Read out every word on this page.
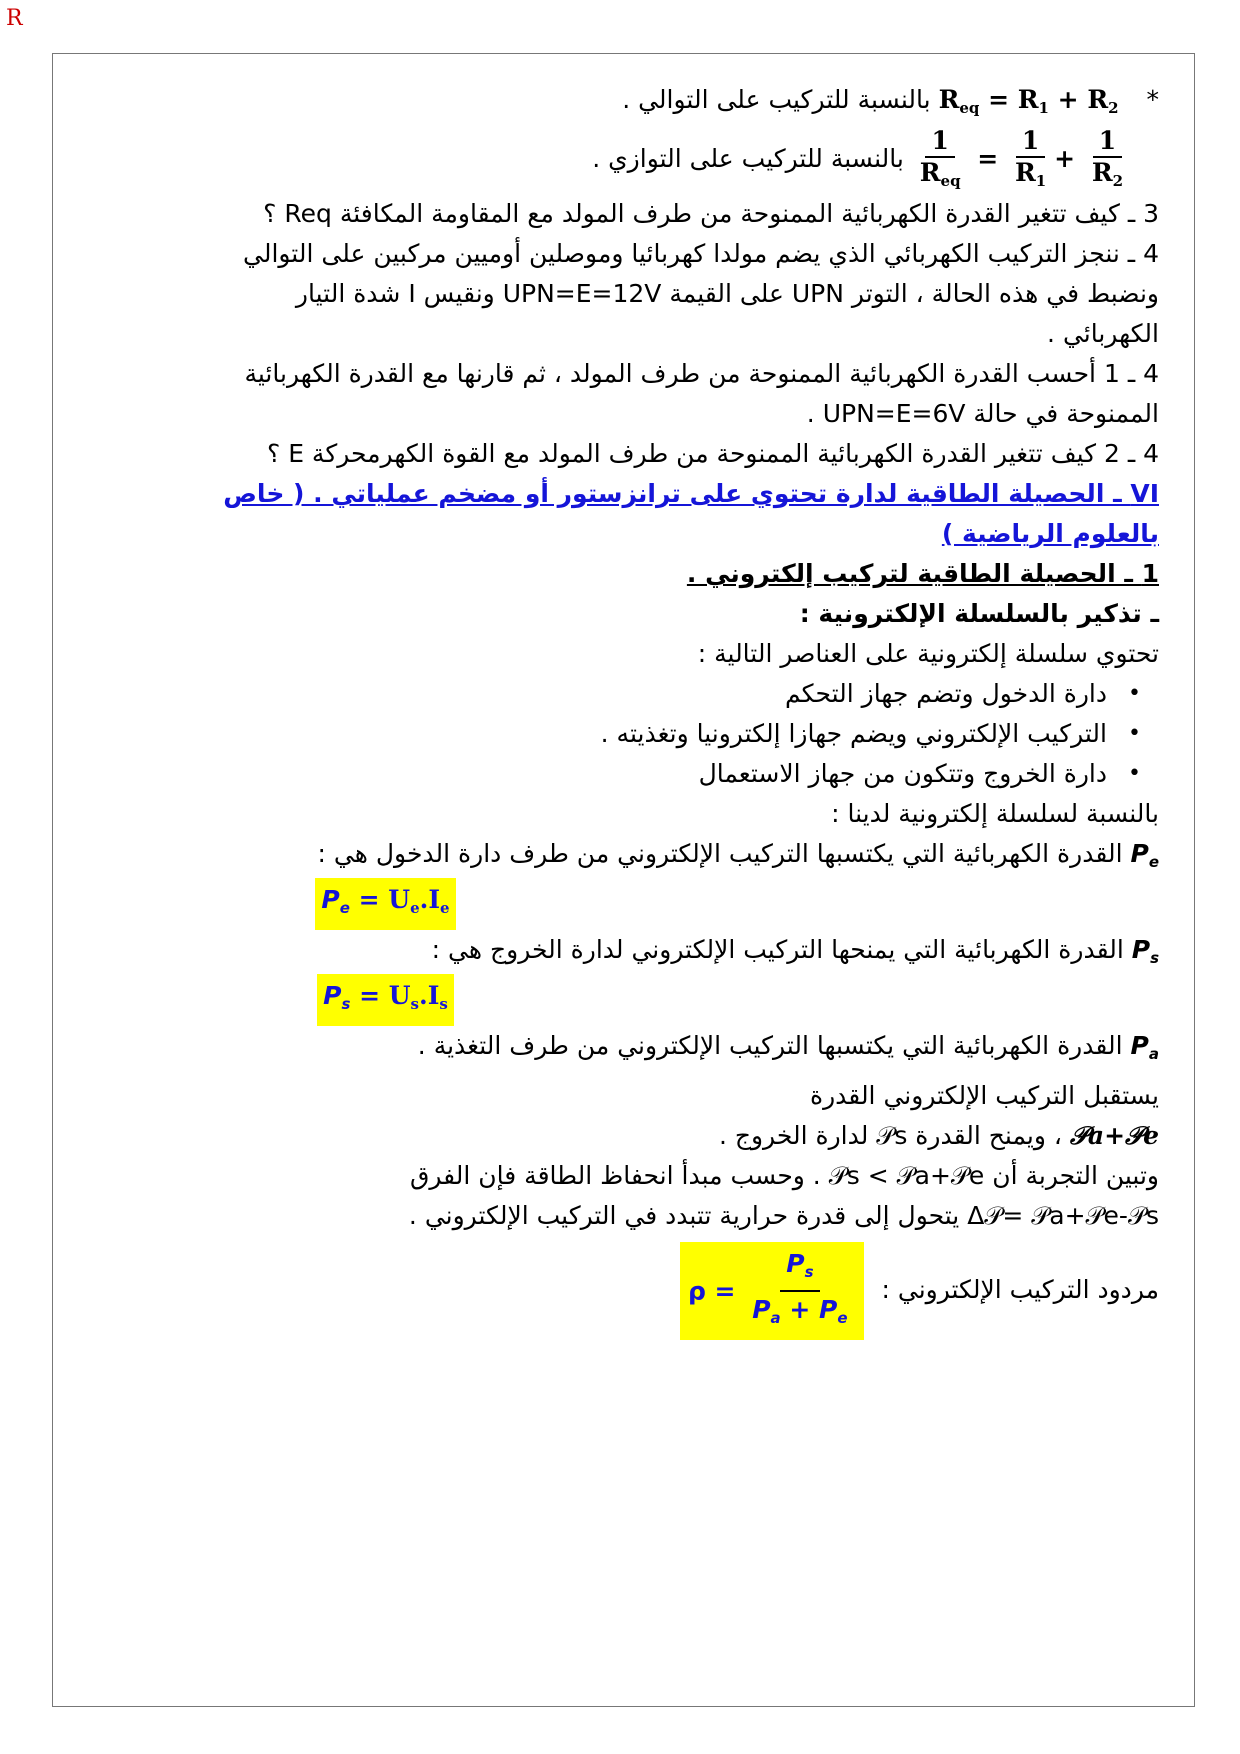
R
* $R_{eq} = R_1 + R_2$ بالنسبة للتركيب على التوالي .

$\frac{1}{R_{eq}} = \frac{1}{R_1} + \frac{1}{R_2}$
بالنسبة للتركيب على التوازي .
3 ـ كيف تتغير القدرة الكهربائية الممنوحة من طرف المولد مع المقاومة المكافئة Req ؟
4 ـ ننجز التركيب الكهربائي الذي يضم مولدا كهربائيا وموصلين أوميين مركبين على التوالي
ونضبط في هذه الحالة ، التوتر UPN على القيمة UPN=E=12V ونقيس I شدة التيار
الكهربائي .
4 ـ 1 أحسب القدرة الكهربائية الممنوحة من طرف المولد ، ثم قارنها مع القدرة الكهربائية
الممنوحة في حالة UPN=E=6V .
4 ـ 2 كيف تتغير القدرة الكهربائية الممنوحة من طرف المولد مع القوة الكهرمحركة E ؟
VI ـ الحصيلة الطاقية لدارة تحتوي على ترانزستور أو مضخم عملياتي . ( خاص
بالعلوم الرياضية )
1 ـ الحصيلة الطاقية لتركيب إلكتروني .
ـ تذكير بالسلسلة الإلكترونية :
تحتوي سلسلة إلكترونية على العناصر التالية :
• دارة الدخول وتضم جهاز التحكم
• التركيب الإلكتروني ويضم جهازا إلكترونيا وتغذيته .
• دارة الخروج وتتكون من جهاز الاستعمال
بالنسبة لسلسلة إلكترونية لدينا :
$P_e$ القدرة الكهربائية التي يكتسبها التركيب الإلكتروني من طرف دارة الدخول هي :
$P_e = U_e.I_e$
$P_s$ القدرة الكهربائية التي يمنحها التركيب الإلكتروني لدارة الخروج هي :
$P_s = U_s.I_s$
$P_a$ القدرة الكهربائية التي يكتسبها التركيب الإلكتروني من طرف التغذية .
يستقبل التركيب الإلكتروني القدرة
𝒫a+𝒫e ، ويمنح القدرة 𝒫s لدارة الخروج .
وتبين التجربة أن 𝒫s < 𝒫a+𝒫e . وحسب مبدأ انحفاظ الطاقة فإن الفرق
Δ𝒫= 𝒫a+𝒫e-𝒫s يتحول إلى قدرة حرارية تتبدد في التركيب الإلكتروني .
مردود التركيب الإلكتروني : $\rho = \frac{P_s}{P_a + P_e}$
